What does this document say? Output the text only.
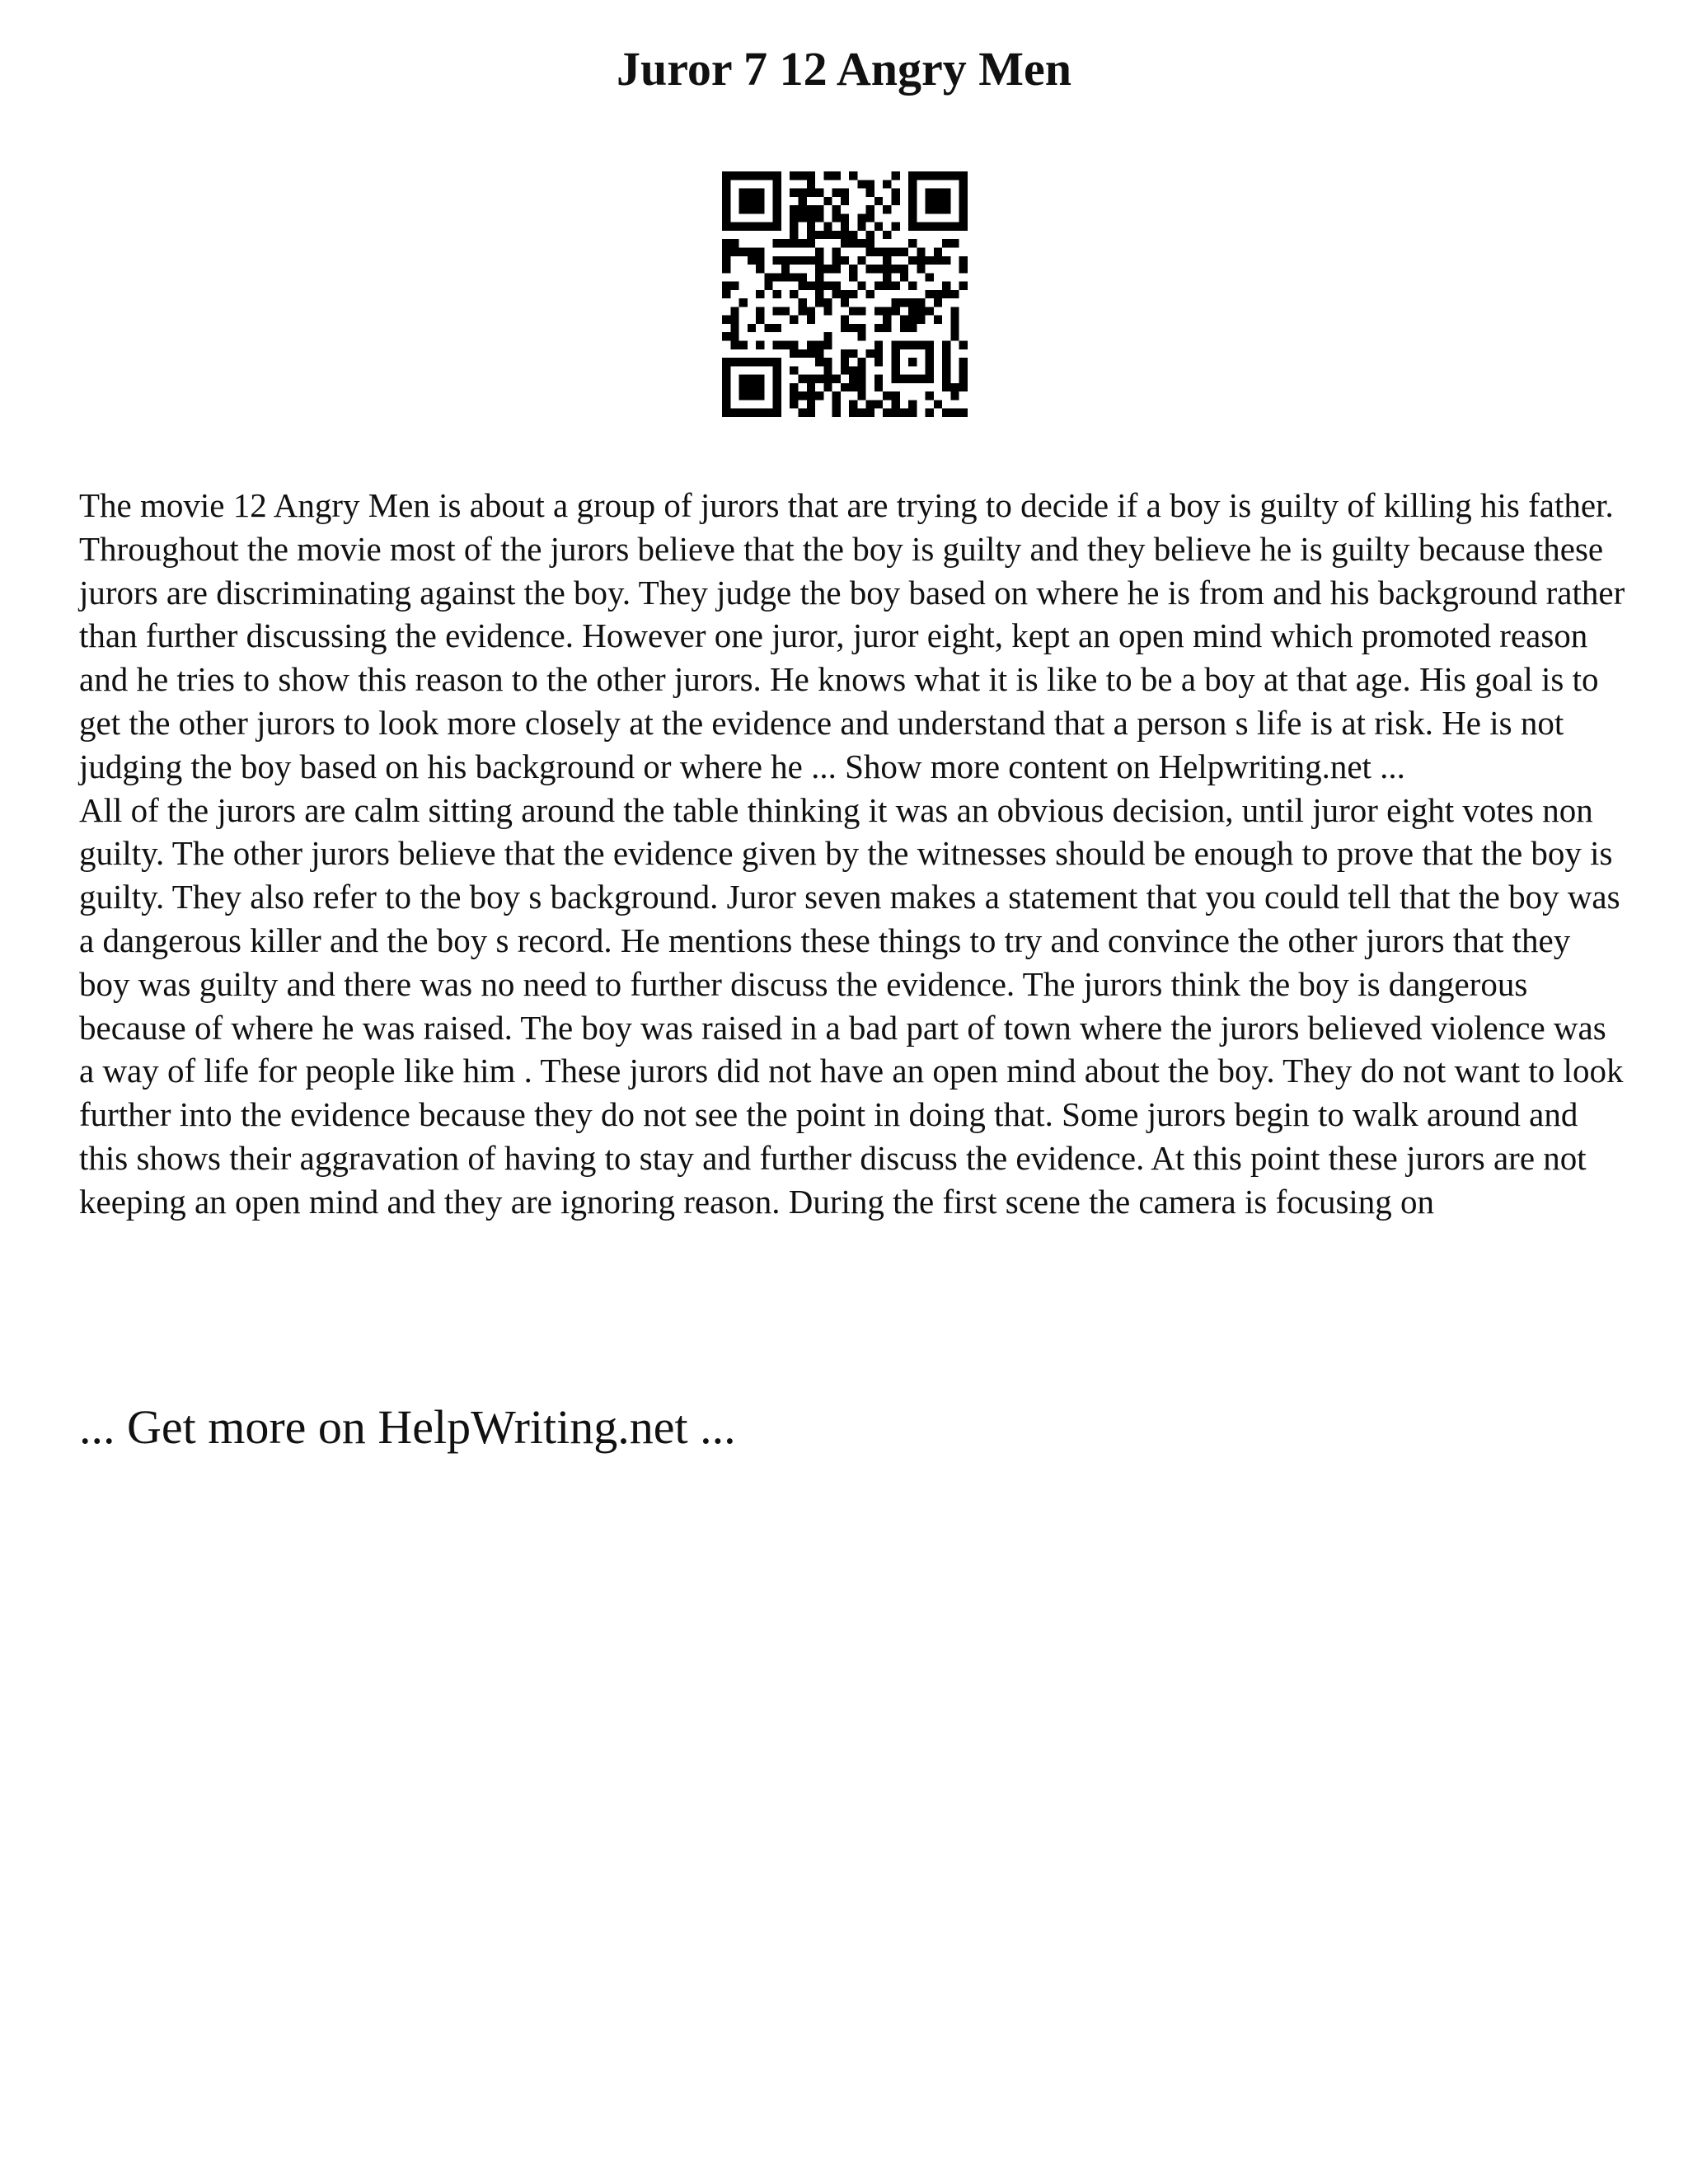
Juror 7 12 Angry Men

The movie 12 Angry Men is about a group of jurors that are trying to decide if a boy is guilty of killing his father. Throughout the movie most of the jurors believe that the boy is guilty and they believe he is guilty because these jurors are discriminating against the boy. They judge the boy based on where he is from and his background rather than further discussing the evidence. However one juror, juror eight, kept an open mind which promoted reason and he tries to show this reason to the other jurors. He knows what it is like to be a boy at that age. His goal is to get the other jurors to look more closely at the evidence and understand that a person s life is at risk. He is not judging the boy based on his background or where he ... Show more content on Helpwriting.net ...

All of the jurors are calm sitting around the table thinking it was an obvious decision, until juror eight votes non guilty. The other jurors believe that the evidence given by the witnesses should be enough to prove that the boy is guilty. They also refer to the boy s background. Juror seven makes a statement that you could tell that the boy was a dangerous killer and the boy s record. He mentions these things to try and convince the other jurors that they boy was guilty and there was no need to further discuss the evidence. The jurors think the boy is dangerous because of where he was raised. The boy was raised in a bad part of town where the jurors believed violence was a way of life for people like him . These jurors did not have an open mind about the boy. They do not want to look further into the evidence because they do not see the point in doing that. Some jurors begin to walk around and this shows their aggravation of having to stay and further discuss the evidence. At this point these jurors are not keeping an open mind and they are ignoring reason. During the first scene the camera is focusing on

... Get more on HelpWriting.net ...
